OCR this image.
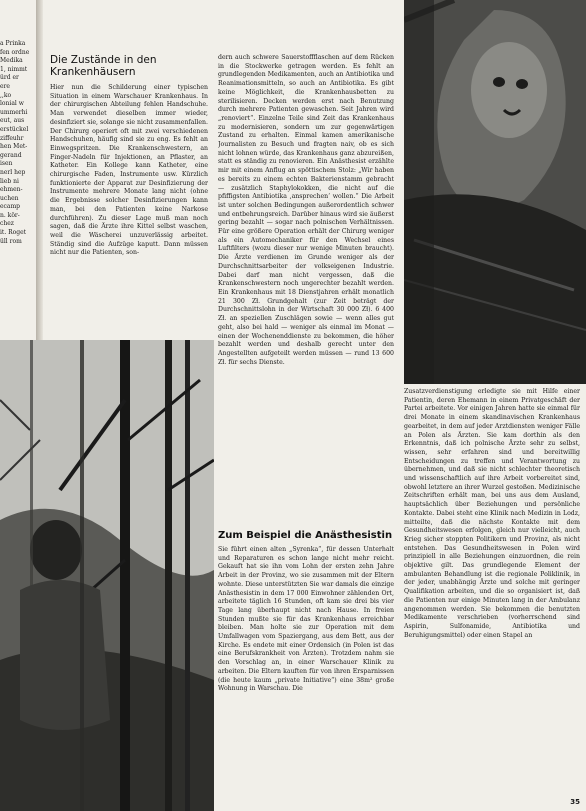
a Prinka
fen ordne
Medika
1, nimmt
ürd er
ere
,,ko
lonial w
ummerhi
eut, aus
erstückel
ziffeuhr
hen Met-
gerand
isen
nerl hep
lieb ni
ehmen-
uchen
ecamp
n. kör-
chez
it. Roget
üll rom
Die Zustände in den
Krankenhäusern

Hier nun die Schilderung einer typischen Situation in einem Warschauer Krankenhaus. In der chirurgischen Abteilung fehlen Handschuhe. Man verwendet dieselben immer wieder, desinfiziert sie, solange sie nicht zusammenfallen. Der Chirurg operiert oft mit zwei verschiedenen Handschuhen, häufig sind sie zu eng. Es fehlt an Einwegspritzen. Die Krankenschwestern, an Finger-Nadeln für Injektionen, an Pflaster, an Katheter. Ein Kollege kann Katheter, eine chirurgische Faden, Instrumente usw. Kürzlich funktionierte der Apparat zur Desinfizierung der Instrumente mehrere Monate lang nicht (ohne die Ergebnisse solcher Desinfizierungen kann man, bei den Patienten keine Narkose durchführen). Zu dieser Lage muß man noch sagen, daß die Ärzte ihre Kittel selbst waschen, weil die Wäscherei unzuverlässig arbeitet. Ständig sind die Aufzüge kaputt. Dann müssen nicht nur die Patienten, son-

dern auch schwere Sauerstoffflaschen auf dem Rücken in die Stockwerke getragen werden. Es fehlt an grundlegenden Medikamenten, auch an Antibiotika und Reanimationsmitteln, so auch an Antibiotika. Es gibt keine Möglichkeit, die Krankenhausbetten zu sterilisieren. Decken werden erst nach Benutzung durch mehrere Patienten gewaschen. Seit Jahren wird „renoviert“. Einzelne Teile sind Zeit das Krankenhaus zu modernisieren, sondern um zur gegenwärtigen Zustand zu erhalten. Einmal kamen amerikanische Journalisten zu Besuch und fragten naiv, ob es sich nicht lohnen würde, das Krankenhaus ganz abzureißen, statt es ständig zu renovieren. Ein Anästhesist erzählte mir mit einem Anflug an spöttischem Stolz: „Wir haben es bereits zu einem echten Bakterienstamm gebracht — zusätzlich Staphylokokken, die nicht auf die pfiffigsten Antibiotika ,ansprechen‘ wollen.“ Die Arbeit ist unter solchen Bedingungen außerordentlich schwer und entbehrungsreich. Darüber hinaus wird sie äußerst gering bezahlt — sogar nach polnischen Verhältnissen. Für eine größere Operation erhält der Chirurg weniger als ein Automechaniker für den Wechsel eines Luftfilters (wozu dieser nur wenige Minuten braucht). Die Ärzte verdienen im Grunde weniger als der Durchschnittsarbeiter der volkseigenen Industrie. Dabei darf man nicht vergessen, daß die Krankenschwestern noch ungerechter bezahlt werden. Ein Krankenhaus mit 18 Dienstjahren erhält monatlich 21 300 Zł. Grundgehalt (zur Zeit beträgt der Durchschnittslohn in der Wirtschaft 30 000 Zł). 6 400 Zł. an speziellen Zuschlägen sowie — wenn alles gut geht, also bei hald — weniger als einmal im Monat — einen der Wochenenddienste zu bekommen, die höher bezahlt werden und deshalb gerecht unter den Angestellten aufgeteilt werden müssen — rund 13 600 Zł. für sechs Dienste.

Zum Beispiel die Anästhesistin

Sie führt einen alten „Syrenka“, für dessen Unterhalt und Reparaturen es schon lange nicht mehr reicht. Gekauft hat sie ihn vom Lohn der ersten zehn Jahre Arbeit in der Provinz, wo sie zusammen mit der Eltern wohnte. Diese unterstützten Sie war damals die einzige Anästhesistin in dem 17 000 Einwohner zählenden Ort, arbeitete täglich 16 Stunden, oft kam sie drei bis vier Tage lang überhaupt nicht nach Hause. In freien Stunden mußte sie für das Krankenhaus erreichbar bleiben. Man holte sie zur Operation mit dem Umfallwagen vom Spaziergang, aus dem Bett, aus der Kirche. Es endete mit einer Ordensich (in Polen ist das eine Berufskrankheit von Ärzten). Trotzdem nahm sie den Vorschlag an, in einer Warschauer Klinik zu arbeiten. Die Eltern kauften für von ihren Ersparnissen (die heute kaum „private Initiative“) eine 38m² große Wohnung in Warschau. Die

Zusatzverdienstigung erledigte sie mit Hilfe einer Patientin, deren Ehemann in einem Privatgeschäft der Partei arbeitete. Vor einigen Jahren hatte sie einmal für drei Monate in einem skandinavischen Krankenhaus gearbeitet, in dem auf jeder Arztdiensten weniger Fälle an Polen als Ärzten. Sie kam dorthin als den Erkenntnis, daß ich polnische Ärzte sehr zu selbst, wissen, sehr erfahren sind und bereitwillig Entscheidungen zu treffen und Verantwortung zu übernehmen, und daß sie nicht schlechter theoretisch und wissenschaftlich auf ihre Arbeit vorbereitet sind, obwohl letztere an ihrer Wurzel gestoßen. Medizinische Zeitschriften erhält man, bei uns aus dem Ausland, hauptsächlich über Beziehungen und persönliche Kontakte. Dabei steht eine Klinik nach Medizin in Lodz, mitteilte, daß die nächste Kontakte mit dem Gesundheitswesen erfolgen, gleich nur vielleicht, auch Krieg sicher stoppten Politikern und Provinz, als nicht entstehen. Das Gesundheitswesen in Polen wird prinzipiell in alle Beziehungen einzuordnen, die rein objektive gilt. Das grundlegende Element der ambulanten Behandlung ist die regionale Poliklinik, in der jeder, unabhängig Ärzte und solche mit geringer Qualifikation arbeiten, und die so organisiert ist, daß die Patienten nur einige Minuten lang in der Ambulanz angenommen werden. Sie bekommen die benutzten Medikamente verschrieben (vorherrschend sind Aspirin, Sulfonamide, Antibiotika und Beruhigungsmittel) oder einen Stapel an

35
